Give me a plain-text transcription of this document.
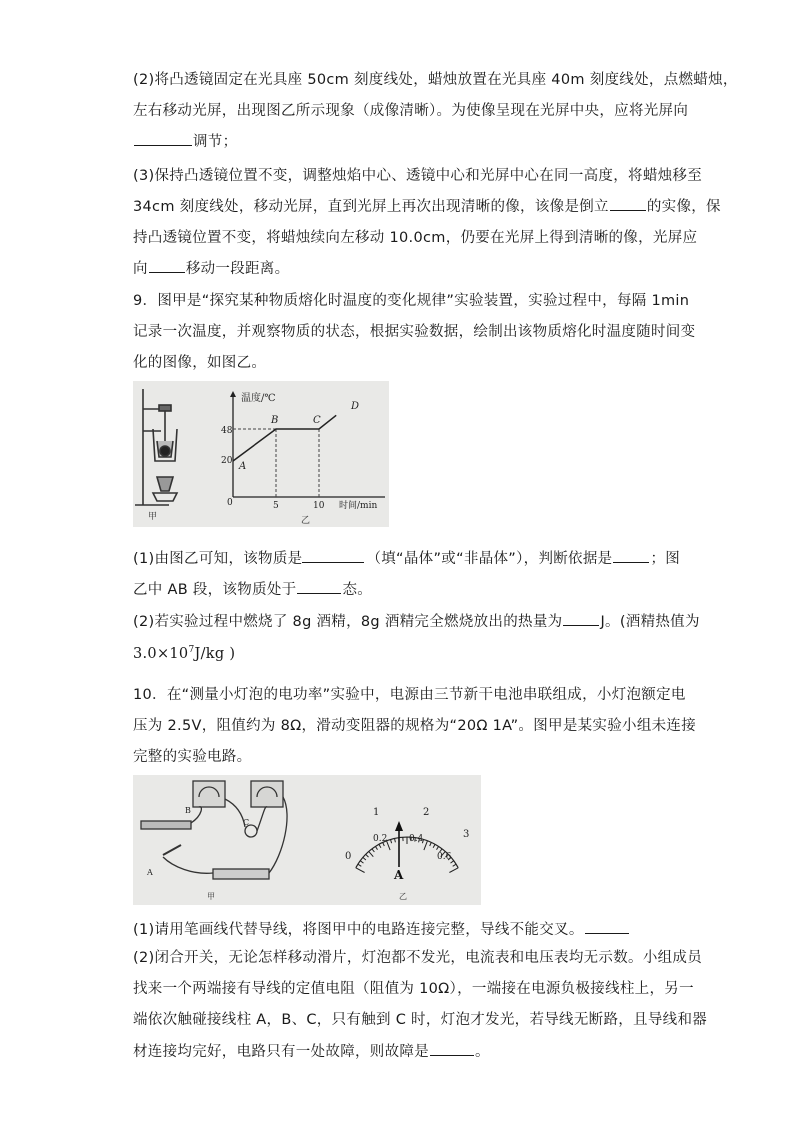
(2)将凸透镜固定在光具座 50cm 刻度线处，蜡烛放置在光具座 40m 刻度线处，点燃蜡烛，
左右移动光屏，出现图乙所示现象（成像清晰）。为使像呈现在光屏中央，应将光屏向
调节；
(3)保持凸透镜位置不变，调整烛焰中心、透镜中心和光屏中心在同一高度，将蜡烛移至
34cm 刻度线处，移动光屏，直到光屏上再次出现清晰的像，该像是倒立	的实像，保
持凸透镜位置不变，将蜡烛续向左移动 10.0cm，仍要在光屏上得到清晰的像，光屏应
向	移动一段距离。
9．图甲是“探究某种物质熔化时温度的变化规律”实验装置，实验过程中，每隔 1min
记录一次温度，并观察物质的状态，根据实验数据，绘制出该物质熔化时温度随时间变
化的图像，如图乙。
甲
温度/℃
48
20
0	5	10 时间/min
A
B	C
D
乙
(1)由图乙可知，该物质是	（填“晶体”或“非晶体”），判断依据是	；图
乙中 AB 段，该物质处于	态。
(2)若实验过程中燃烧了 8g 酒精，8g 酒精完全燃烧放出的热量为	J。(酒精热值为
$3.0\times 10^7J/kg$ )
10．在“测量小灯泡的电功率”实验中，电源由三节新干电池串联组成，小灯泡额定电
压为 2.5V，阻值约为 8Ω，滑动变阻器的规格为“20Ω 1A”。图甲是某实验小组未连接
完整的实验电路。
B
C
A
甲
0
1	2
3
0.2 0.4
0.6
A
乙
(1)请用笔画线代替导线，将图甲中的电路连接完整，导线不能交叉。
(2)闭合开关，无论怎样移动滑片，灯泡都不发光，电流表和电压表均无示数。小组成员
找来一个两端接有导线的定值电阻（阻值为 10Ω），一端接在电源负极接线柱上，另一
端依次触碰接线柱 A，B、C，只有触到 C 时，灯泡才发光，若导线无断路，且导线和器
材连接均完好，电路只有一处故障，则故障是	。
